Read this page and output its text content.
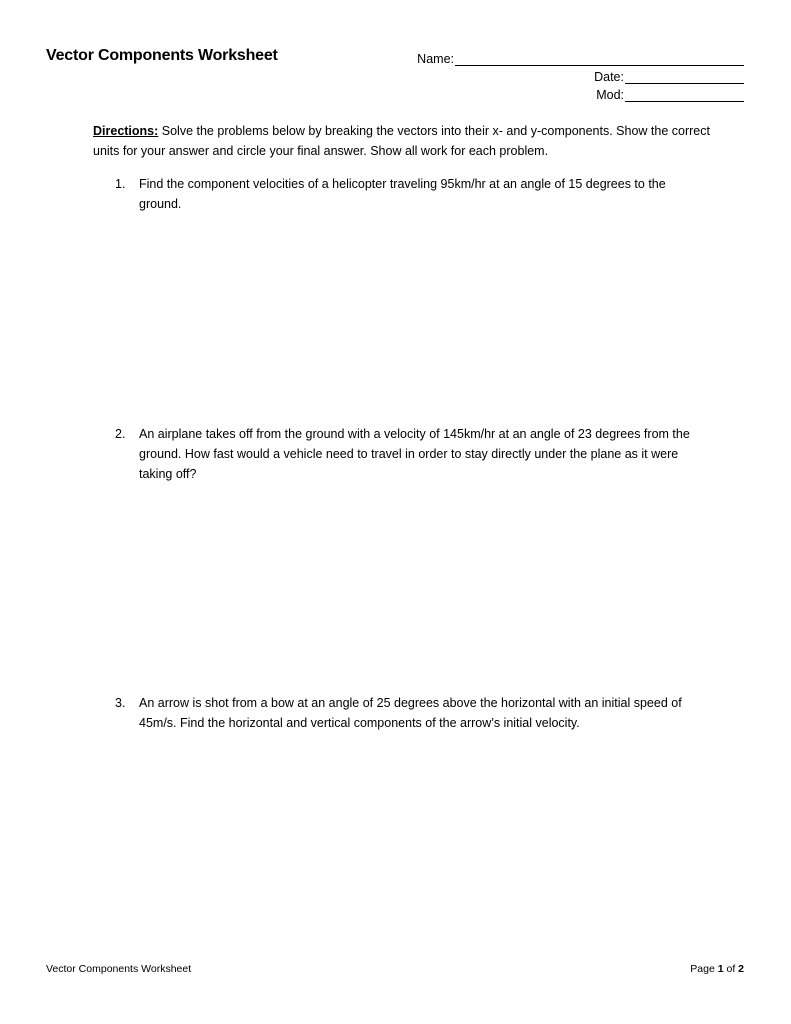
Vector Components Worksheet	Name:
Date:
Mod:
Directions: Solve the problems below by breaking the vectors into their x- and y-components. Show the correct units for your answer and circle your final answer. Show all work for each problem.
1.	Find the component velocities of a helicopter traveling 95km/hr at an angle of 15 degrees to the ground.
2.	An airplane takes off from the ground with a velocity of 145km/hr at an angle of 23 degrees from the ground. How fast would a vehicle need to travel in order to stay directly under the plane as it were taking off?
3.	An arrow is shot from a bow at an angle of 25 degrees above the horizontal with an initial speed of 45m/s. Find the horizontal and vertical components of the arrow’s initial velocity.
Vector Components Worksheet	Page 1 of 2
